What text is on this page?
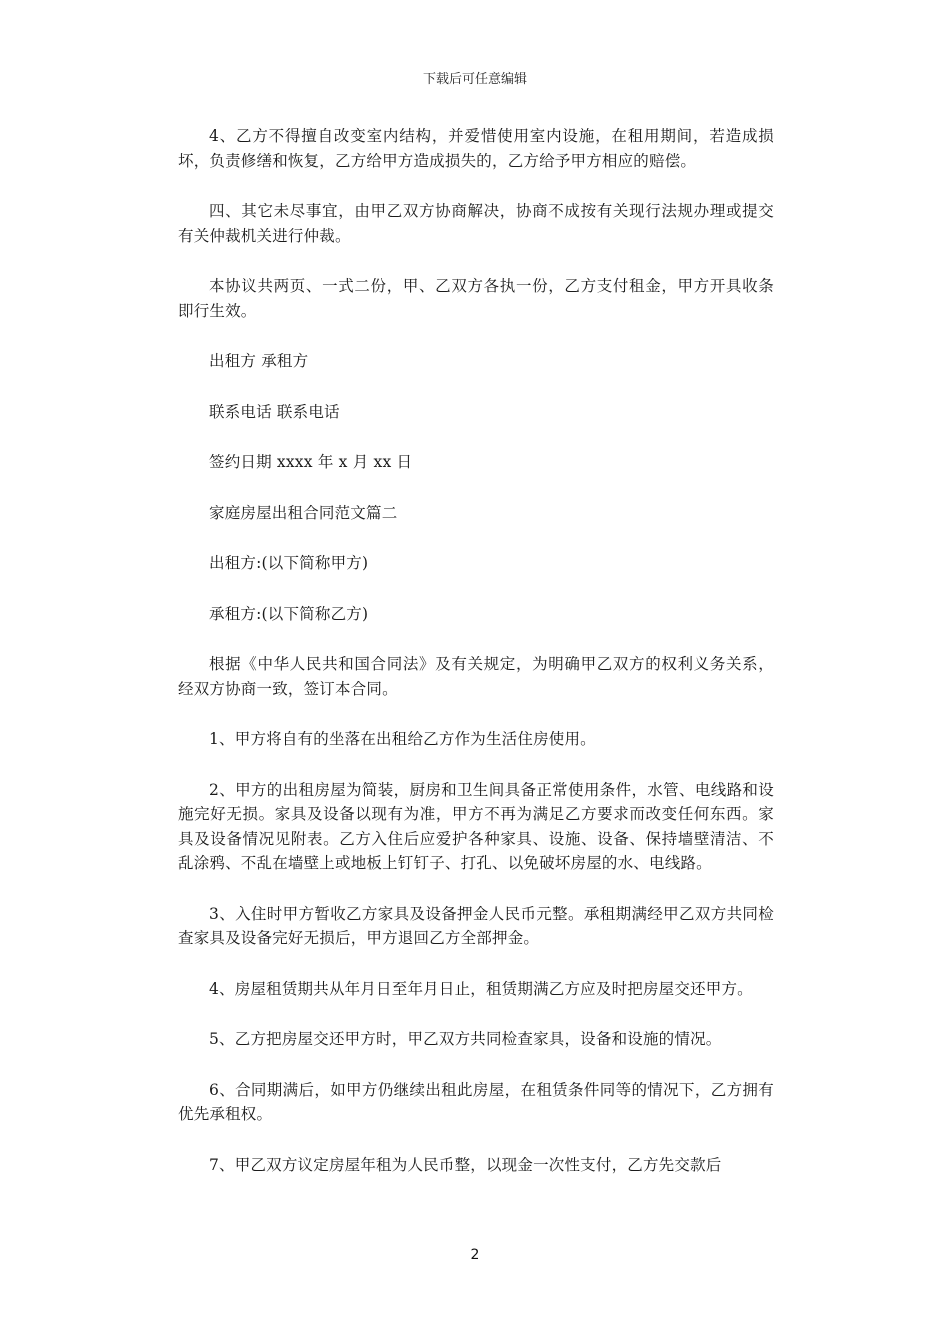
下载后可任意编辑

4、乙方不得擅自改变室内结构，并爱惜使用室内设施，在租用期间，若造成损坏，负责修缮和恢复，乙方给甲方造成损失的，乙方给予甲方相应的赔偿。

四、其它未尽事宜，由甲乙双方协商解决，协商不成按有关现行法规办理或提交有关仲裁机关进行仲裁。

本协议共两页、一式二份，甲、乙双方各执一份，乙方支付租金，甲方开具收条即行生效。

出租方 承租方

联系电话 联系电话

签约日期 xxxx 年 x 月 xx 日

家庭房屋出租合同范文篇二

出租方:(以下简称甲方)

承租方:(以下简称乙方)

根据《中华人民共和国合同法》及有关规定，为明确甲乙双方的权利义务关系，经双方协商一致，签订本合同。

1、甲方将自有的坐落在出租给乙方作为生活住房使用。

2、甲方的出租房屋为简装，厨房和卫生间具备正常使用条件，水管、电线路和设施完好无损。家具及设备以现有为准，甲方不再为满足乙方要求而改变任何东西。家具及设备情况见附表。乙方入住后应爱护各种家具、设施、设备、保持墙壁清洁、不乱涂鸦、不乱在墙壁上或地板上钉钉子、打孔、以免破坏房屋的水、电线路。

3、入住时甲方暂收乙方家具及设备押金人民币元整。承租期满经甲乙双方共同检查家具及设备完好无损后，甲方退回乙方全部押金。

4、房屋租赁期共从年月日至年月日止，租赁期满乙方应及时把房屋交还甲方。

5、乙方把房屋交还甲方时，甲乙双方共同检查家具，设备和设施的情况。

6、合同期满后，如甲方仍继续出租此房屋，在租赁条件同等的情况下，乙方拥有优先承租权。

7、甲乙双方议定房屋年租为人民币整，以现金一次性支付，乙方先交款后

2
